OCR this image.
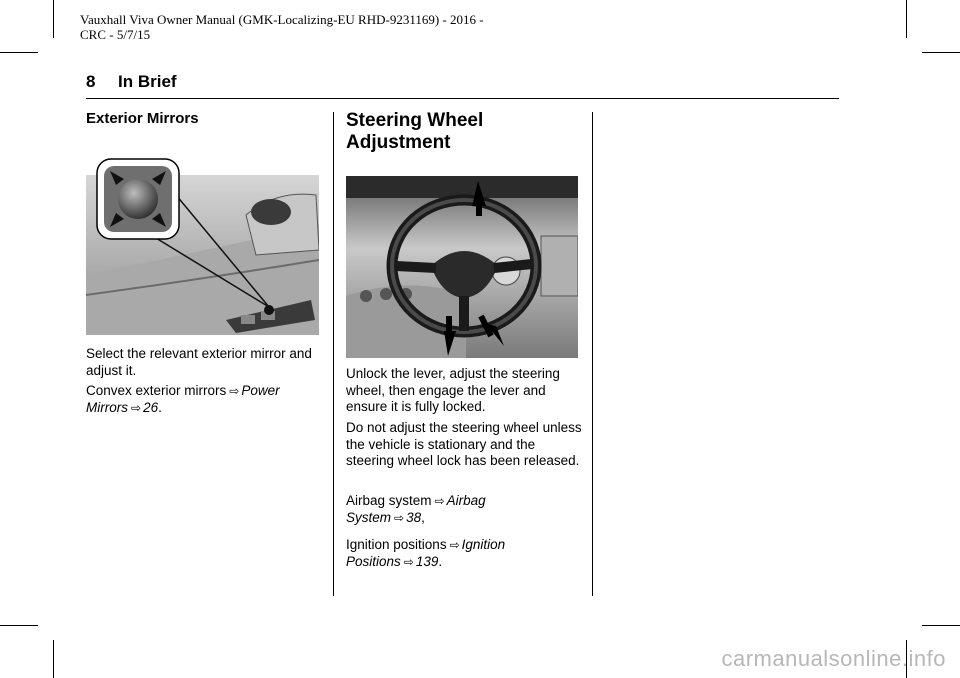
Vauxhall Viva Owner Manual (GMK-Localizing-EU RHD-9231169) - 2016 -
CRC - 5/7/15
8 In Brief
Exterior Mirrors

Select the relevant exterior mirror and adjust it.

Convex exterior mirrors ⇨ Power
Mirrors ⇨ 26.

Steering Wheel Adjustment

Unlock the lever, adjust the steering wheel, then engage the lever and ensure it is fully locked.

Do not adjust the steering wheel unless the vehicle is stationary and the steering wheel lock has been released.

Airbag system ⇨ Airbag
System ⇨ 38,

Ignition positions ⇨ Ignition
Positions ⇨ 139.

carmanualsonline.info
